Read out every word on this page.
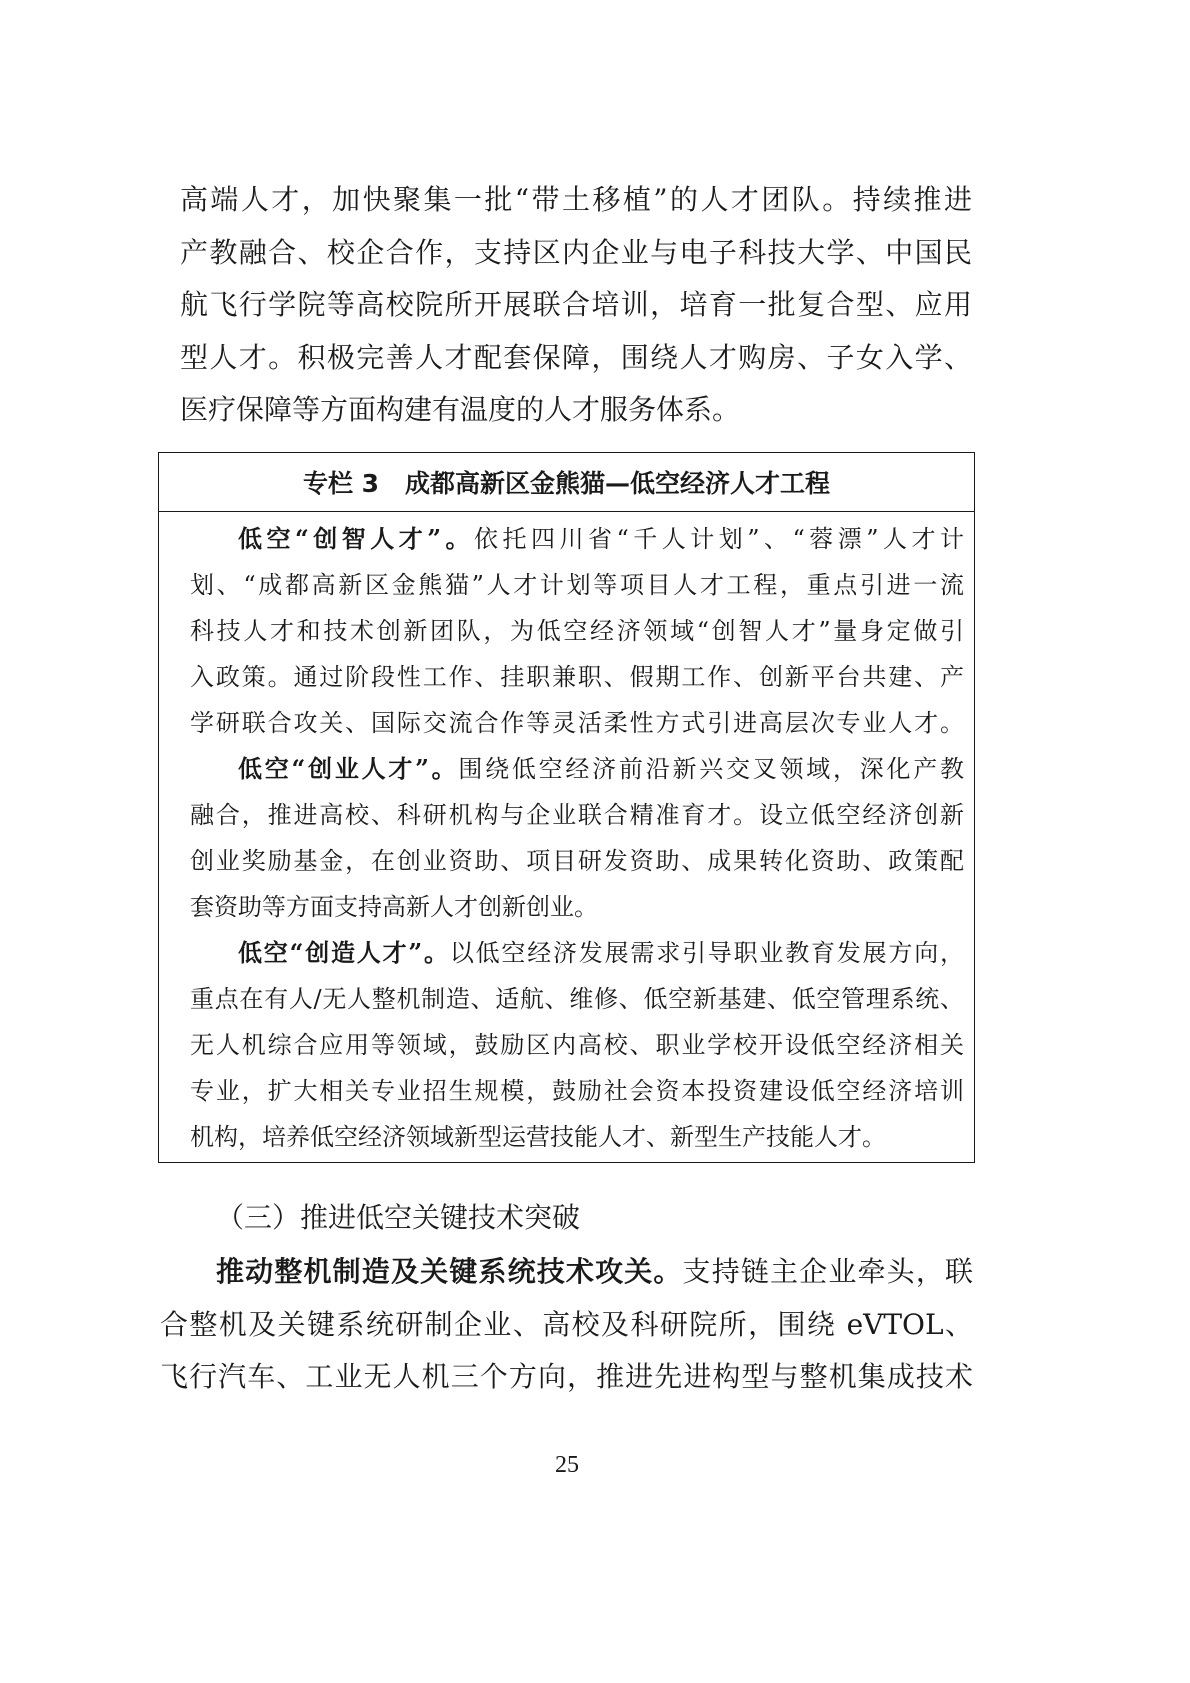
高端人才，加快聚集一批“带土移植”的人才团队。持续推进
产教融合、校企合作，支持区内企业与电子科技大学、中国民
航飞行学院等高校院所开展联合培训，培育一批复合型、应用
型人才。积极完善人才配套保障，围绕人才购房、子女入学、
医疗保障等方面构建有温度的人才服务体系。
专栏 3 成都高新区金熊猫—低空经济人才工程
低空“创智人才”。依托四川省“千人计划”、“蓉漂”人才计
划、“成都高新区金熊猫”人才计划等项目人才工程，重点引进一流
科技人才和技术创新团队，为低空经济领域“创智人才”量身定做引
入政策。通过阶段性工作、挂职兼职、假期工作、创新平台共建、产
学研联合攻关、国际交流合作等灵活柔性方式引进高层次专业人才。
低空“创业人才”。围绕低空经济前沿新兴交叉领域，深化产教
融合，推进高校、科研机构与企业联合精准育才。设立低空经济创新
创业奖励基金，在创业资助、项目研发资助、成果转化资助、政策配
套资助等方面支持高新人才创新创业。
低空“创造人才”。以低空经济发展需求引导职业教育发展方向，
重点在有人/无人整机制造、适航、维修、低空新基建、低空管理系统、
无人机综合应用等领域，鼓励区内高校、职业学校开设低空经济相关
专业，扩大相关专业招生规模，鼓励社会资本投资建设低空经济培训
机构，培养低空经济领域新型运营技能人才、新型生产技能人才。
（三）推进低空关键技术突破
推动整机制造及关键系统技术攻关。支持链主企业牵头，联
合整机及关键系统研制企业、高校及科研院所，围绕 eVTOL、
飞行汽车、工业无人机三个方向，推进先进构型与整机集成技术
25
